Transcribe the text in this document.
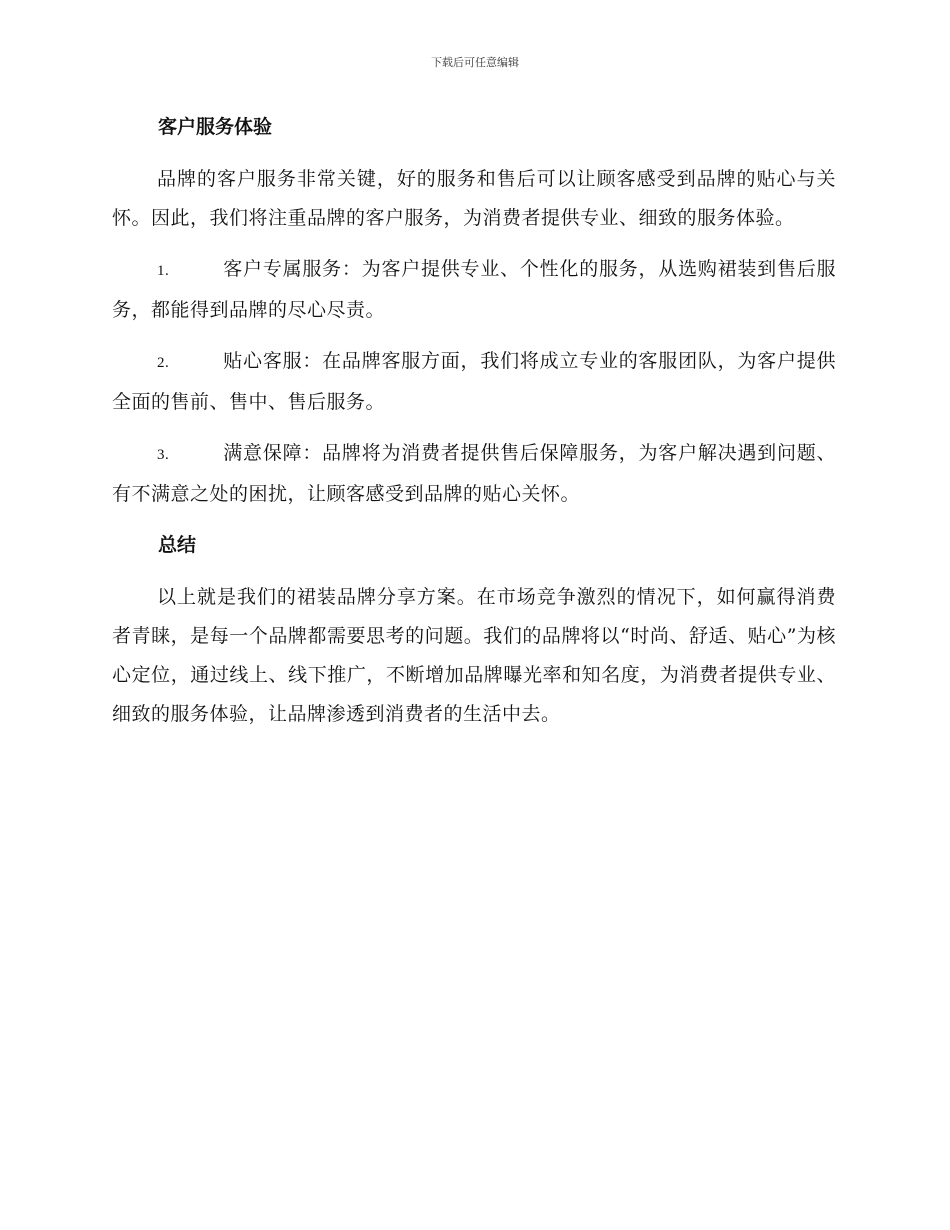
下载后可任意编辑
客户服务体验

品牌的客户服务非常关键，好的服务和售后可以让顾客感受到品牌的贴心与关怀。因此，我们将注重品牌的客户服务，为消费者提供专业、细致的服务体验。

1.	客户专属服务：为客户提供专业、个性化的服务，从选购裙装到售后服务，都能得到品牌的尽心尽责。

2.	贴心客服：在品牌客服方面，我们将成立专业的客服团队，为客户提供全面的售前、售中、售后服务。

3.	满意保障：品牌将为消费者提供售后保障服务，为客户解决遇到问题、有不满意之处的困扰，让顾客感受到品牌的贴心关怀。

总结

以上就是我们的裙装品牌分享方案。在市场竞争激烈的情况下，如何赢得消费者青睐，是每一个品牌都需要思考的问题。我们的品牌将以“时尚、舒适、贴心”为核心定位，通过线上、线下推广，不断增加品牌曝光率和知名度，为消费者提供专业、细致的服务体验，让品牌渗透到消费者的生活中去。
